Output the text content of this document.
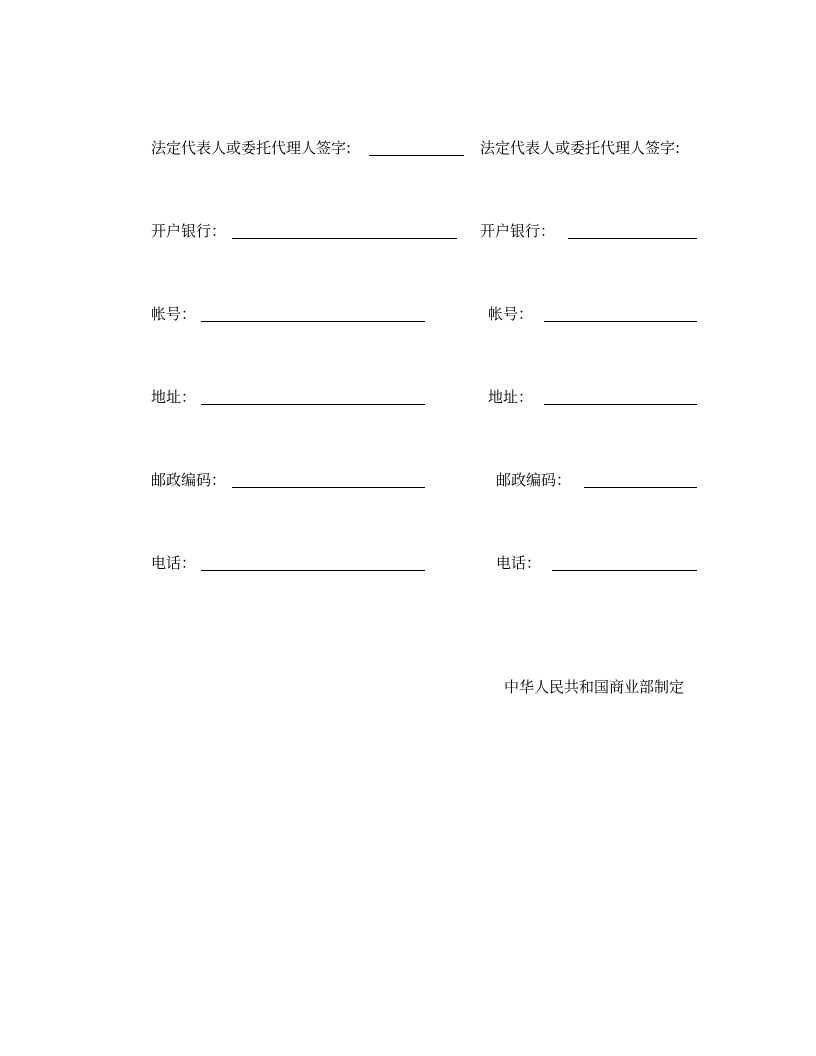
法定代表人或委托代理人签字:	法定代表人或委托代理人签字:
开户银行：	开户银行：
帐号：	帐号：
地址：	地址：
邮政编码：	邮政编码：
电话：	电话：
中华人民共和国商业部制定
